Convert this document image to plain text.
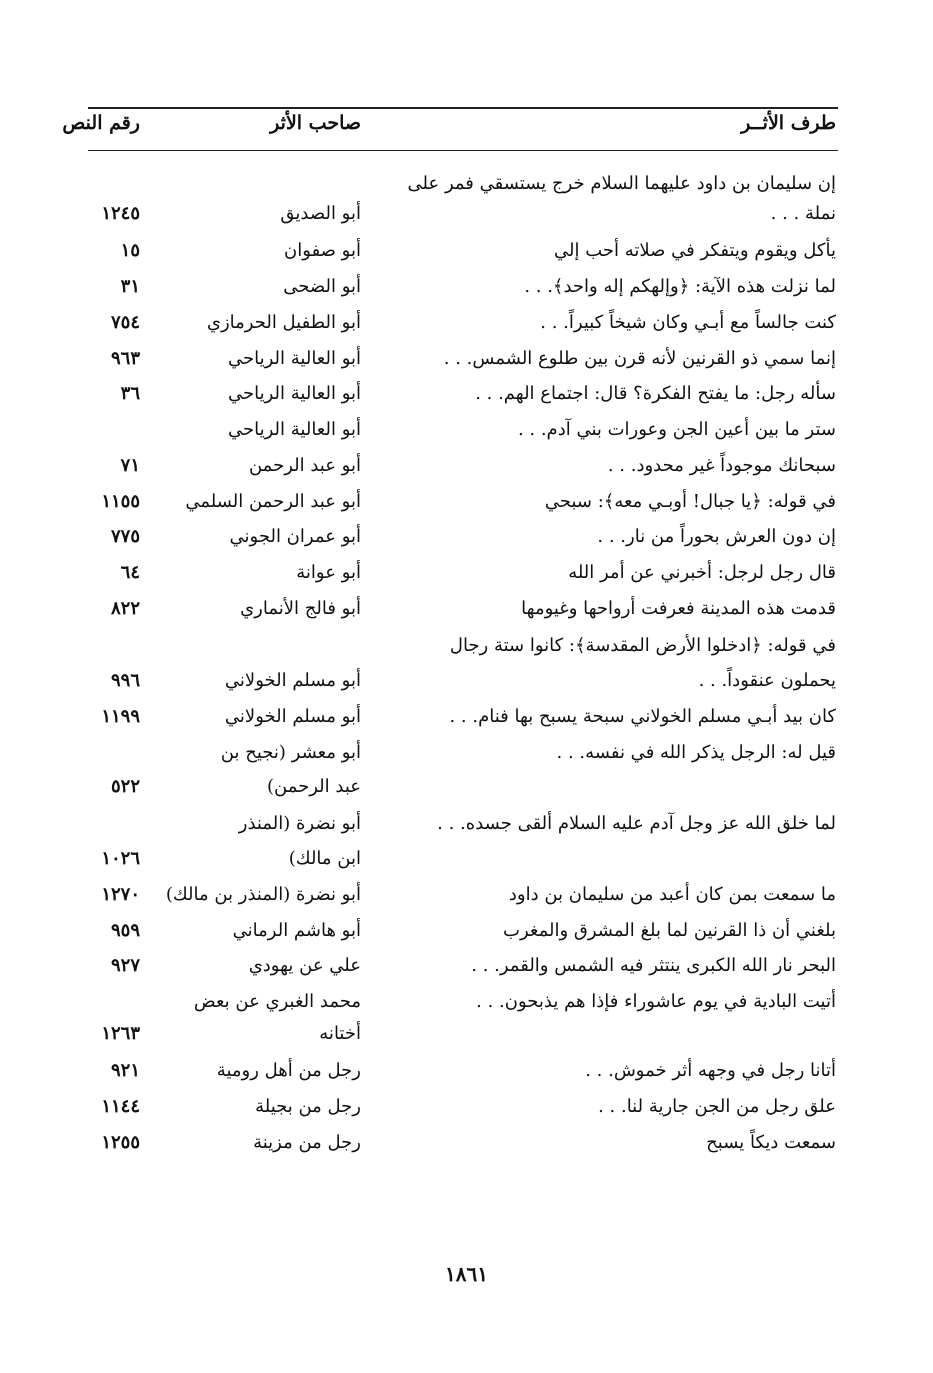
طرف الأثــر
صاحب الأثر
رقم النص
إن سليمان بن داود عليهما السلام خرج يستسقي فمر على
نملة . . .
أبو الصديق
١٢٤٥
يأكل ويقوم ويتفكر في صلاته أحب إلي
أبو صفوان
١٥
لما نزلت هذه الآية: ﴿وإلهكم إله واحد﴾. . .
أبو الضحى
٣١
كنت جالساً مع أبـي وكان شيخاً كبيراً. . .
أبو الطفيل الحرمازي
٧٥٤
إنما سمي ذو القرنين لأنه قرن بين طلوع الشمس. . .
أبو العالية الرياحي
٩٦٣
سأله رجل: ما يفتح الفكرة؟ قال: اجتماع الهم. . .
أبو العالية الرياحي
٣٦
ستر ما بين أعين الجن وعورات بني آدم. . .
أبو العالية الرياحي
سبحانك موجوداً غير محدود. . .
أبو عبد الرحمن
٧١
في قوله: ﴿يا جبال! أوبـي معه﴾: سبحي
أبو عبد الرحمن السلمي
١١٥٥
إن دون العرش بحوراً من نار. . .
أبو عمران الجوني
٧٧٥
قال رجل لرجل: أخبرني عن أمر الله
أبو عوانة
٦٤
قدمت هذه المدينة فعرفت أرواحها وغيومها
أبو فالج الأنماري
٨٢٢
في قوله: ﴿ادخلوا الأرض المقدسة﴾: كانوا ستة رجال
يحملون عنقوداً. . .
أبو مسلم الخولاني
٩٩٦
كان بيد أبـي مسلم الخولاني سبحة يسبح بها فنام. . .
أبو مسلم الخولاني
١١٩٩
قيل له: الرجل يذكر الله في نفسه. . .
أبو معشر (نجيح بن
عبد الرحمن)
٥٢٢
لما خلق الله عز وجل آدم عليه السلام ألقى جسده. . .
أبو نضرة (المنذر
ابن مالك)
١٠٢٦
ما سمعت بمن كان أعبد من سليمان بن داود
أبو نضرة (المنذر بن مالك)
١٢٧٠
بلغني أن ذا القرنين لما بلغ المشرق والمغرب
أبو هاشم الرماني
٩٥٩
البحر نار الله الكبرى ينتثر فيه الشمس والقمر. . .
علي عن يهودي
٩٢٧
أتيت البادية في يوم عاشوراء فإذا هم يذبحون. . .
محمد الغبري عن بعض
أختانه
١٢٦٣
أتانا رجل في وجهه أثر خموش. . .
رجل من أهل رومية
٩٢١
علق رجل من الجن جارية لنا. . .
رجل من بجيلة
١١٤٤
سمعت ديكاً يسبح
رجل من مزينة
١٢٥٥
١٨٦١
